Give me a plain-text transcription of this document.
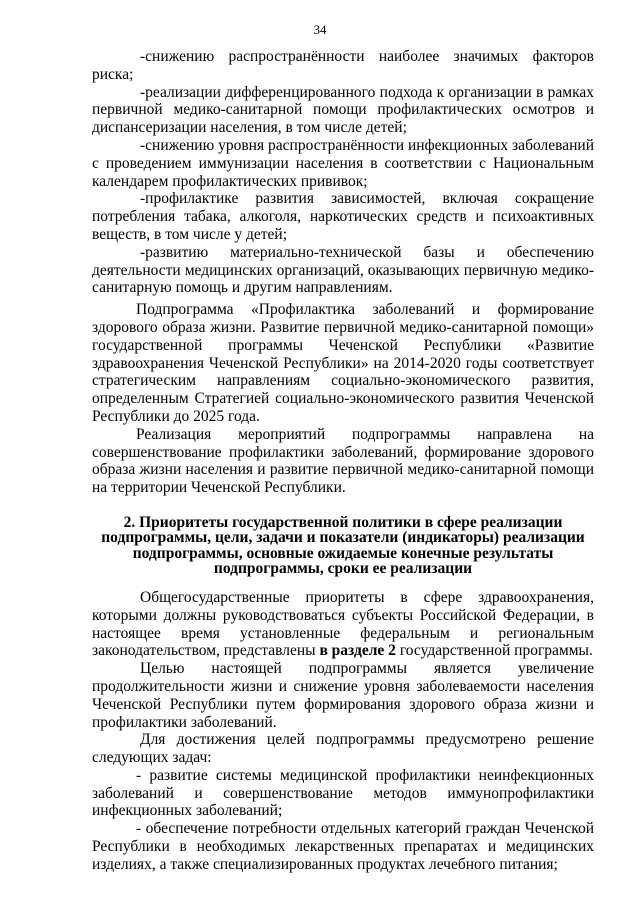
34

-снижению распространённости наиболее значимых факторов риска;

-реализации дифференцированного подхода к организации в рамках первичной медико-санитарной помощи профилактических осмотров и диспансеризации населения, в том числе детей;

-снижению уровня распространённости инфекционных заболеваний с проведением иммунизации населения в соответствии с Национальным календарем профилактических прививок;

-профилактике развития зависимостей, включая сокращение потребления табака, алкоголя, наркотических средств и психоактивных веществ, в том числе у детей;

-развитию материально-технической базы и обеспечению деятельности медицинских организаций, оказывающих первичную медико-санитарную помощь и другим направлениям.

Подпрограмма «Профилактика заболеваний и формирование здорового образа жизни. Развитие первичной медико-санитарной помощи» государственной программы Чеченской Республики «Развитие здравоохранения Чеченской Республики» на 2014-2020 годы соответствует стратегическим направлениям социально-экономического развития, определенным Стратегией социально-экономического развития Чеченской Республики до 2025 года.

Реализация мероприятий подпрограммы направлена на совершенствование профилактики заболеваний, формирование здорового образа жизни населения и развитие первичной медико-санитарной помощи на территории Чеченской Республики.

2. Приоритеты государственной политики в сфере реализации
подпрограммы, цели, задачи и показатели (индикаторы) реализации
подпрограммы, основные ожидаемые конечные результаты
подпрограммы, сроки ее реализации

Общегосударственные приоритеты в сфере здравоохранения, которыми должны руководствоваться субъекты Российской Федерации, в настоящее время установленные федеральным и региональным законодательством, представлены в разделе 2 государственной программы.

Целью настоящей подпрограммы является увеличение продолжительности жизни и снижение уровня заболеваемости населения Чеченской Республики путем формирования здорового образа жизни и профилактики заболеваний.

Для достижения целей подпрограммы предусмотрено решение следующих задач:

- развитие системы медицинской профилактики неинфекционных заболеваний и совершенствование методов иммунопрофилактики инфекционных заболеваний;

- обеспечение потребности отдельных категорий граждан Чеченской Республики в необходимых лекарственных препаратах и медицинских изделиях, а также специализированных продуктах лечебного питания;
